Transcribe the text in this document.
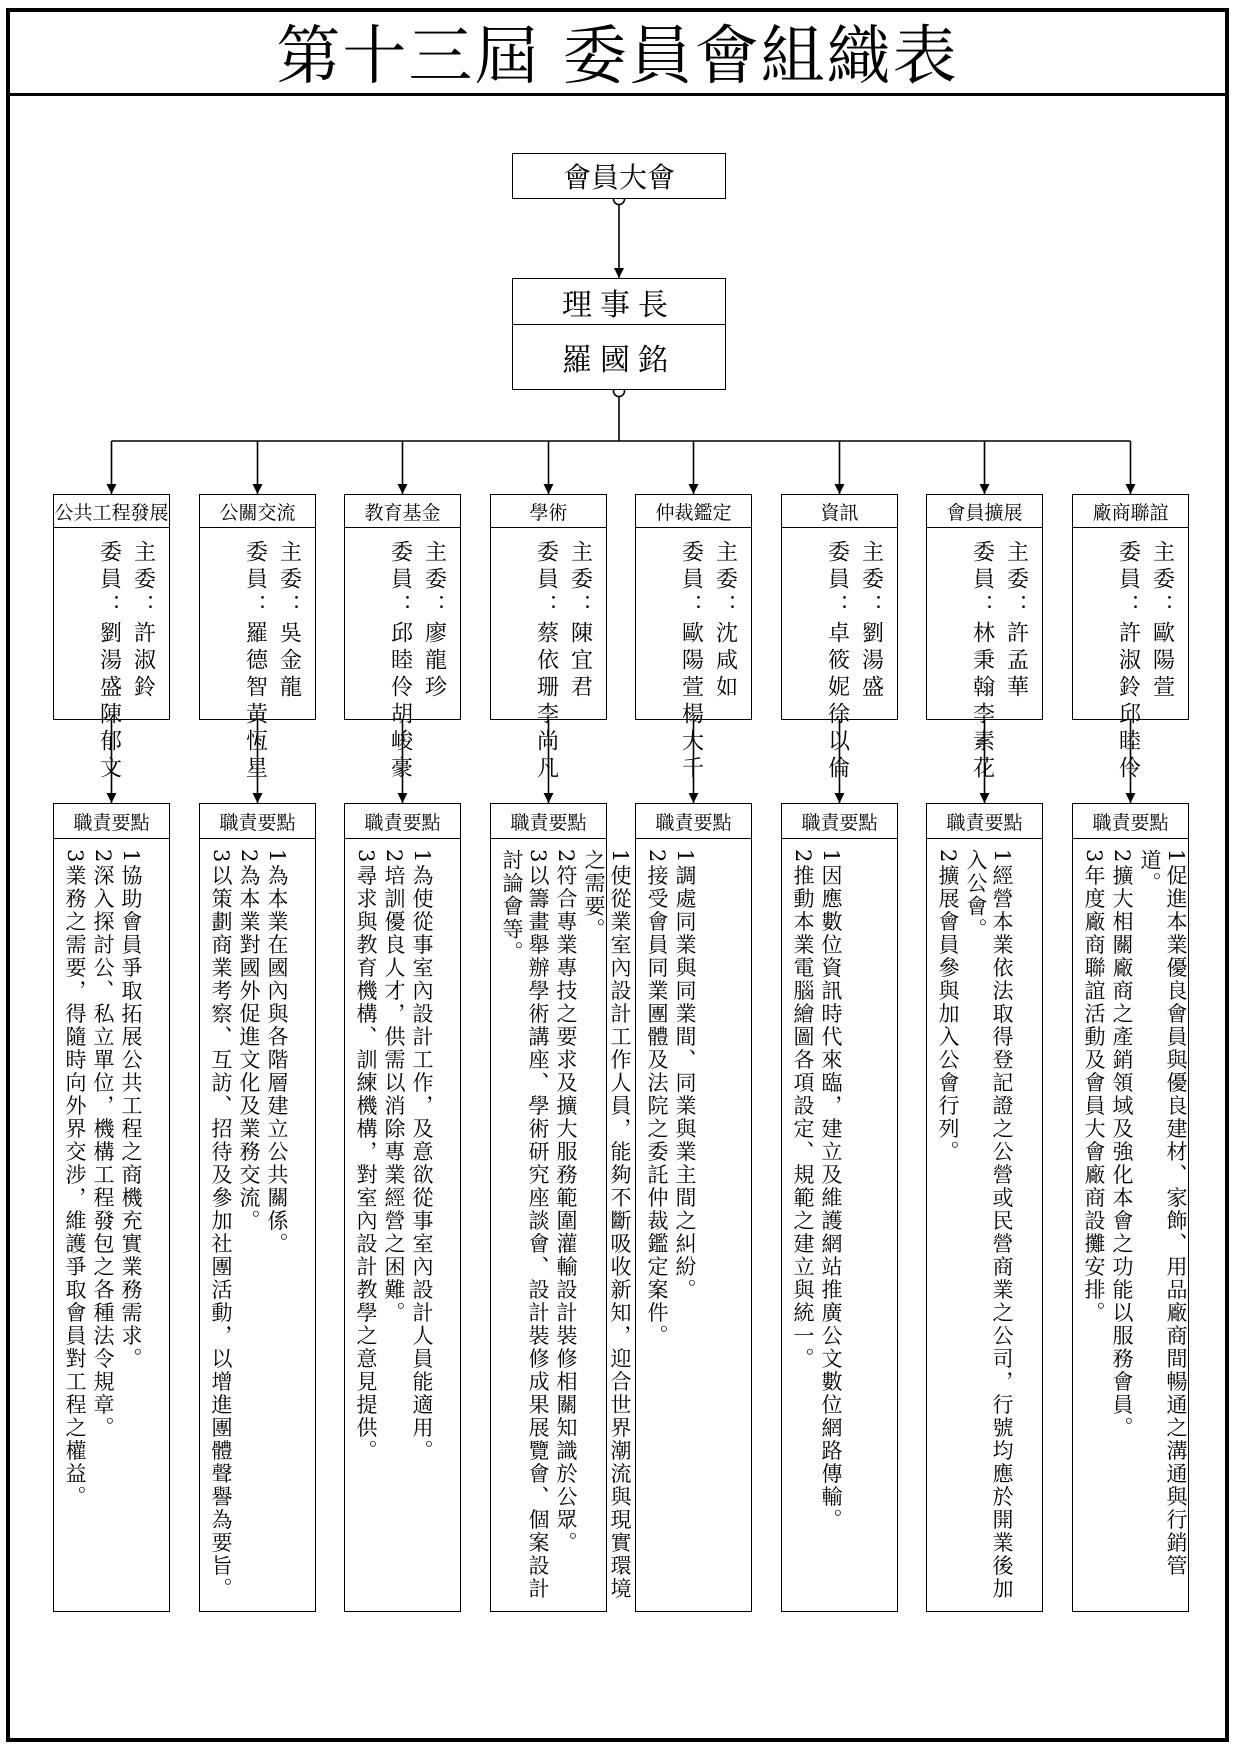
第十三屆 委員會組織表
會員大會
理事長
羅國銘
公共工程發展
主委：許淑鈴
委員：劉湯盛陳郁文
職責要點
1協助會員爭取拓展公共工程之商機充實業務需求。
2深入探討公、私立單位，機構工程發包之各種法令規章。
3業務之需要，得隨時向外界交涉，維護爭取會員對工程之權益。
公關交流
主委：吳金龍
委員：羅德智黃恆星
職責要點
1為本業在國內與各階層建立公共關係。
2為本業對國外促進文化及業務交流。
3以策劃商業考察、互訪、招待及參加社團活動，以增進團體聲譽為要旨。
教育基金
主委：廖龍珍
委員：邱睦伶胡峻豪
職責要點
1為使從事室內設計工作，及意欲從事室內設計人員能適用。
2培訓優良人才，供需以消除專業經營之困難。
3尋求與教育機構、訓練機構，對室內設計教學之意見提供。
學術
主委：陳宜君
委員：蔡依珊李尚凡
職責要點
1使從業室內設計工作人員，能夠不斷吸收新知，迎合世界潮流與現實環境之需要。
2符合專業專技之要求及擴大服務範圍灌輸設計裝修相關知識於公眾。
3以籌畫舉辦學術講座、學術研究座談會、設計裝修成果展覽會、個案設計討論會等。
仲裁鑑定
主委：沈咸如
委員：歐陽萱楊大千
職責要點
1調處同業與同業間、同業與業主間之糾紛。
2接受會員同業團體及法院之委託仲裁鑑定案件。
資訊
主委：劉湯盛
委員：卓筱妮徐以倫
職責要點
1因應數位資訊時代來臨，建立及維護網站推廣公文數位網路傳輸。
2推動本業電腦繪圖各項設定、規範之建立與統一。
會員擴展
主委：許孟華
委員：林秉翰李素花
職責要點
1經營本業依法取得登記證之公營或民營商業之公司，行號均應於開業後加入公會。
2擴展會員參與加入公會行列。
廠商聯誼
主委：歐陽萱
委員：許淑鈴邱睦伶
職責要點
1促進本業優良會員與優良建材、家飾、用品廠商間暢通之溝通與行銷管道。
2擴大相關廠商之產銷領域及強化本會之功能以服務會員。
3年度廠商聯誼活動及會員大會廠商設攤安排。
